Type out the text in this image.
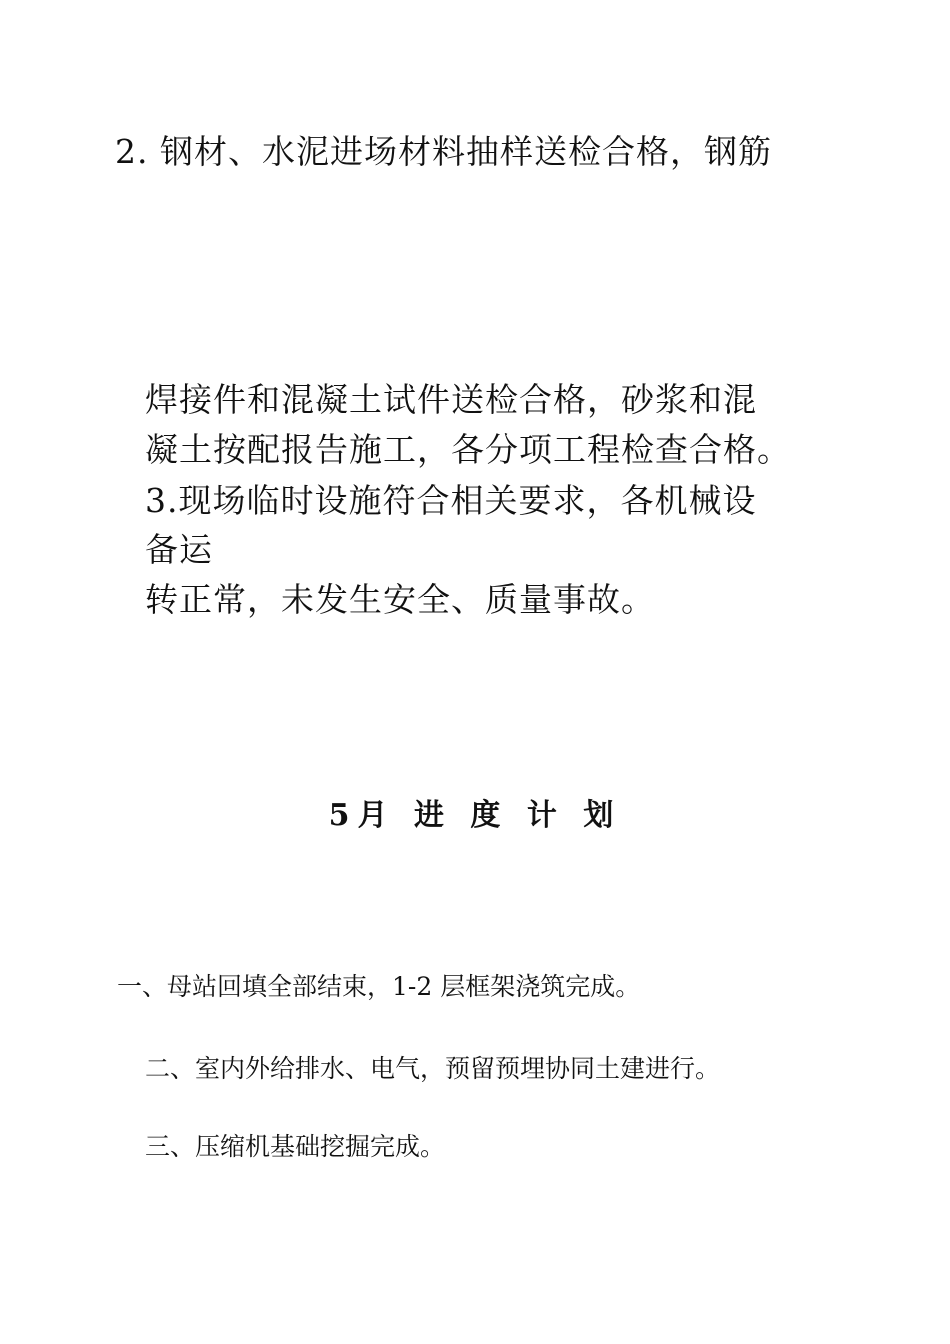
2. 钢材、水泥进场材料抽样送检合格，钢筋

焊接件和混凝土试件送检合格，砂浆和混

凝土按配报告施工，各分项工程检查合格。

3.现场临时设施符合相关要求，各机械设

备运

转正常，未发生安全、质量事故。

5月 进 度 计 划

一、母站回填全部结束，1-2 层框架浇筑完成。

二、室内外给排水、电气，预留预埋协同土建进行。

三、压缩机基础挖掘完成。
